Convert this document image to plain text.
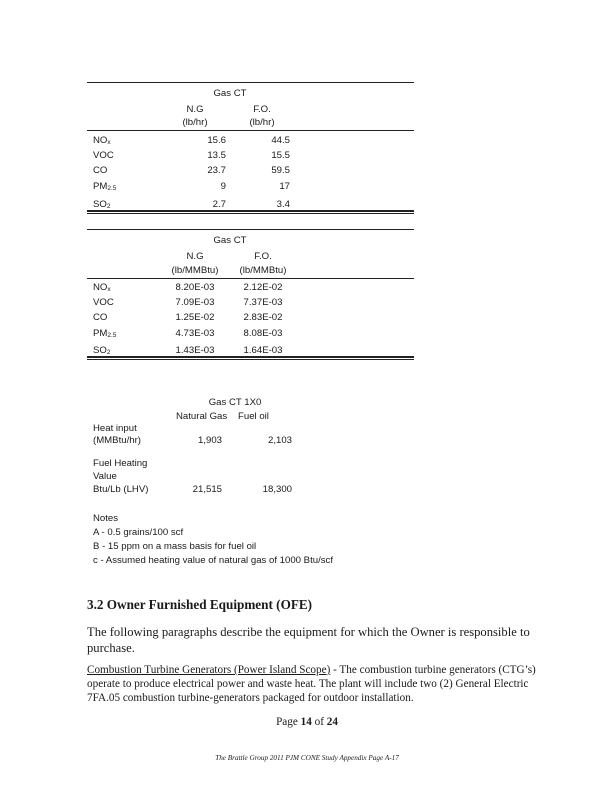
Gas CT
N.G	F.O.
(lb/hr)	(lb/hr)
$NO_x$	15.6	44.5
VOC	13.5	15.5
CO	23.7	59.5
$PM_{2.5}$	9	17
$SO_2$	2.7	3.4
Gas CT
N.G	F.O.
(lb/MMBtu)	(lb/MMBtu)
$NO_x$	8.20E-03	2.12E-02
VOC	7.09E-03	7.37E-03
CO	1.25E-02	2.83E-02
$PM_{2.5}$	4.73E-03	8.08E-03
$SO_2$	1.43E-03	1.64E-03
Gas CT 1X0
Natural Gas Fuel oil
Heat input
(MMBtu/hr)	1,903	2,103
Fuel Heating
Value
Btu/Lb (LHV)	21,515	18,300
Notes
A - 0.5 grains/100 scf
B - 15 ppm on a mass basis for fuel oil
c - Assumed heating value of natural gas of 1000 Btu/scf
3.2 Owner Furnished Equipment (OFE)
The following paragraphs describe the equipment for which the Owner is responsible to purchase.
Combustion Turbine Generators (Power Island Scope) - The combustion turbine generators (CTG’s) operate to produce electrical power and waste heat. The plant will include two (2) General Electric 7FA.05 combustion turbine-generators packaged for outdoor installation.
Page 14 of 24
The Brattle Group 2011 PJM CONE Study Appendix Page A-17
